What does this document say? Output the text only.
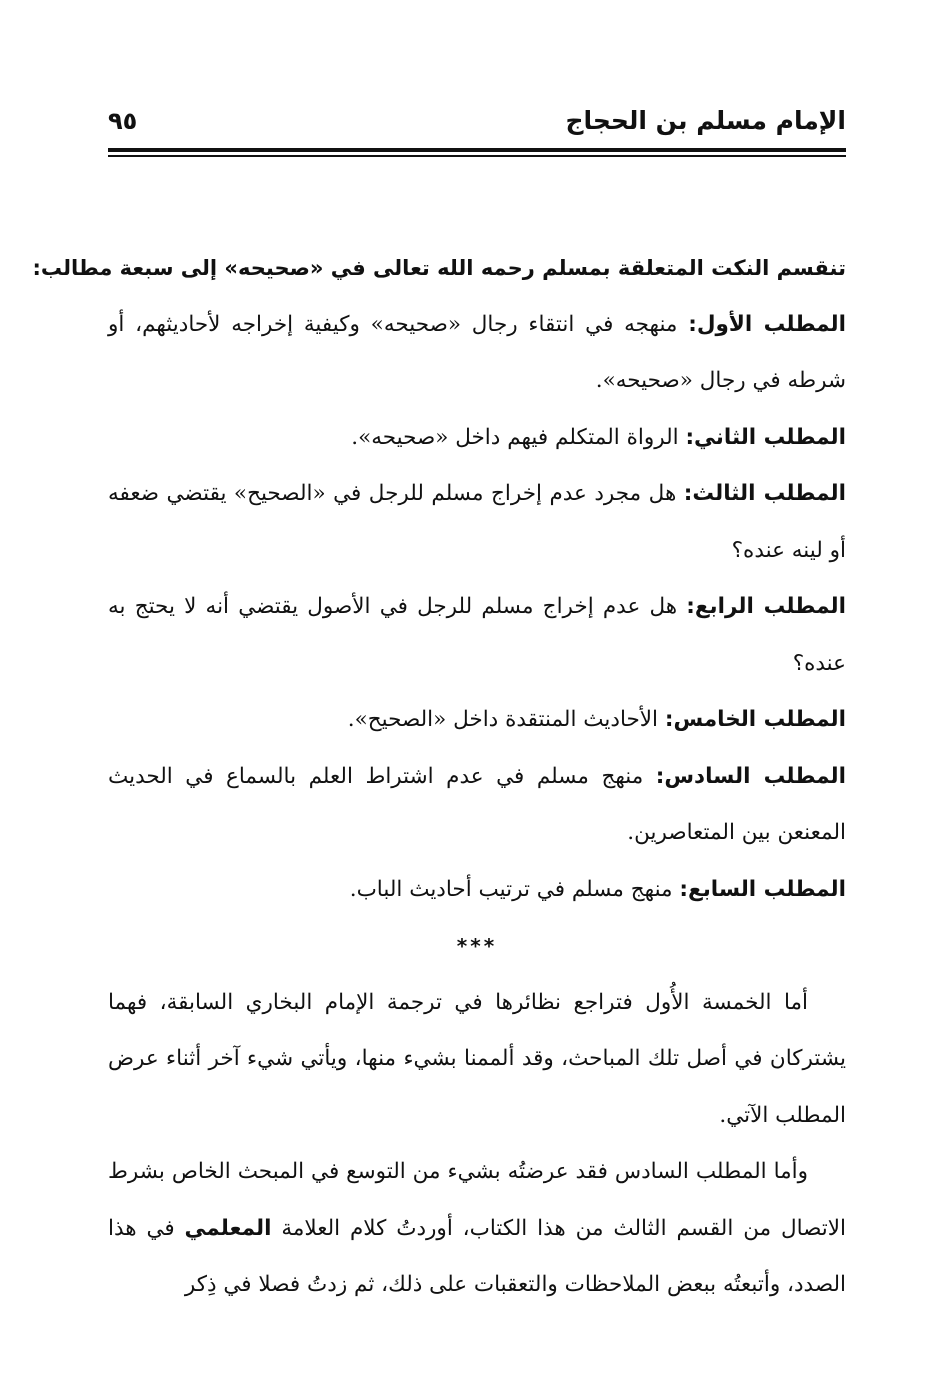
الإمام مسلم بن الحجاج
٩٥

تنقسم النكت المتعلقة بمسلم رحمه الله تعالى في «صحيحه» إلى سبعة مطالب:

المطلب الأول: منهجه في انتقاء رجال «صحيحه» وكيفية إخراجه لأحاديثهم، أو شرطه في رجال «صحيحه».

المطلب الثاني: الرواة المتكلم فيهم داخل «صحيحه».

المطلب الثالث: هل مجرد عدم إخراج مسلم للرجل في «الصحيح» يقتضي ضعفه أو لينه عنده؟

المطلب الرابع: هل عدم إخراج مسلم للرجل في الأصول يقتضي أنه لا يحتج به عنده؟

المطلب الخامس: الأحاديث المنتقدة داخل «الصحيح».

المطلب السادس: منهج مسلم في عدم اشتراط العلم بالسماع في الحديث المعنعن بين المتعاصرين.

المطلب السابع: منهج مسلم في ترتيب أحاديث الباب.

***

أما الخمسة الأُول فتراجع نظائرها في ترجمة الإمام البخاري السابقة، فهما يشتركان في أصل تلك المباحث، وقد ألممنا بشيء منها، ويأتي شيء آخر أثناء عرض المطلب الآتي.

وأما المطلب السادس فقد عرضتُه بشيء من التوسع في المبحث الخاص بشرط الاتصال من القسم الثالث من هذا الكتاب، أوردتُ كلام العلامة المعلمي في هذا الصدد، وأتبعتُه ببعض الملاحظات والتعقبات على ذلك، ثم زدتُ فصلا في ذِكر
